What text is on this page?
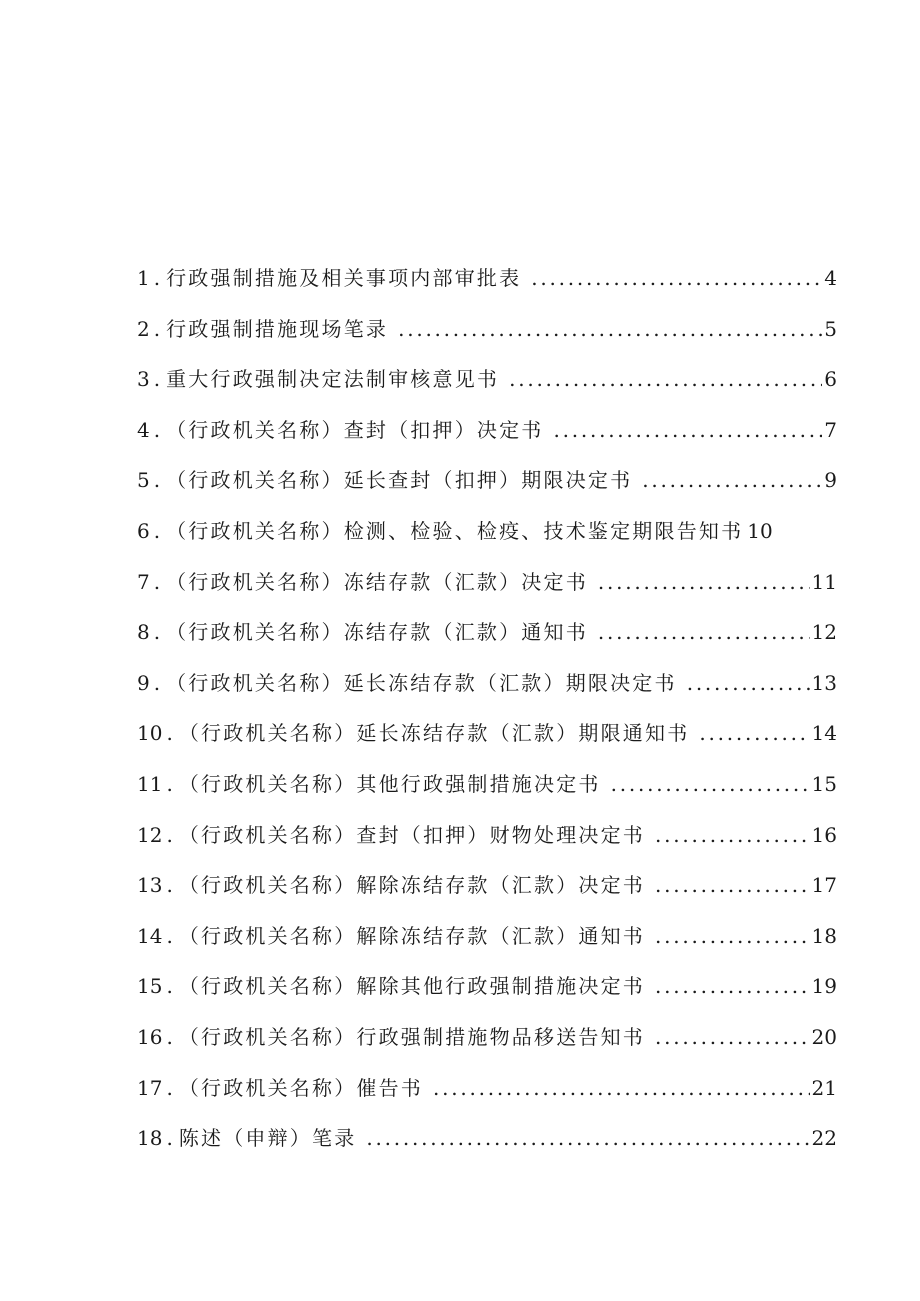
1 . 行政强制措施及相关事项内部审批表 . . .	4
2 . 行政强制措施现场笔录 . . .	5
3 . 重大行政强制决定法制审核意见书 . . .	6
4 . （行政机关名称）查封（扣押）决定书 . . .	7
5 . （行政机关名称）延长查封（扣押）期限决定书 . . .	9
6 . （行政机关名称）检测、检验、检疫、技术鉴定期限告知书 10
7 . （行政机关名称）冻结存款（汇款）决定书 . . .	11
8 . （行政机关名称）冻结存款（汇款）通知书 . . .	12
9 . （行政机关名称）延长冻结存款（汇款）期限决定书 . . .	13
10 . （行政机关名称）延长冻结存款（汇款）期限通知书 . . .	14
11 . （行政机关名称）其他行政强制措施决定书 . . .	15
12 . （行政机关名称）查封（扣押）财物处理决定书 . . .	16
13 . （行政机关名称）解除冻结存款（汇款）决定书 . . .	17
14 . （行政机关名称）解除冻结存款（汇款）通知书 . . .	18
15 . （行政机关名称）解除其他行政强制措施决定书 . . .	19
16 . （行政机关名称）行政强制措施物品移送告知书 . . .	20
17 . （行政机关名称）催告书 . . .	21
18 . 陈述（申辩）笔录 . . .	22
